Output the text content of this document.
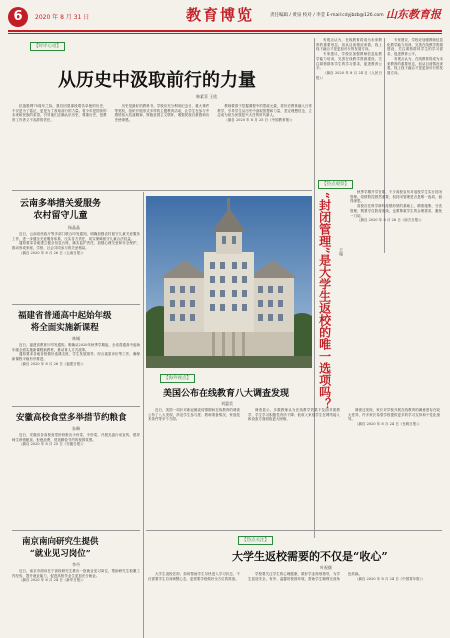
6	2020 年 8 月 31 日	教育博览	责任编辑 / 黄泉 校对 / 李莹 E-mail:cdyjbzb@126.com 山东教育报
【时评心语】
从历史中汲取前行的力量
韩素菲 王欣

抗战胜利75周年之际，我们回望那段艰苦卓绝的历史，不仅是为了铭记，更是为了汲取前行的力量。青少年是国家的未来和民族的希望，引导他们正确认识历史、尊重历史，是教育工作者义不容辞的责任。

历史是最好的教科书。学校应充分利用纪念日、重大事件等契机，组织开展形式多样的主题教育活动，让学生在参与中感悟伟大抗战精神，厚植爱国主义情怀，增强民族自豪感和历史使命感。

教师要善于挖掘课程中的思政元素，将历史教育融入日常教学，引导学生从历史中汲取智慧和力量，坚定理想信念，立志成为担当民族复兴大任的时代新人。

（摘自 2020 年 8 月 25 日《中国教育报》）

有观点认为，在线教育将成为未来教育的重要形态，但从目前情况来看，线上线下融合才是更加可行的发展方向。

专家建议，学校应加强教师信息化教学能力培训，完善在线教学资源建设，关注弱势群体学生的学习需求，促进教育公平。

（摘自 2020 年 8 月 24 日《人民日报》）

专家建议，学校应加强教师信息化教学能力培训，完善在线教学资源建设，关注弱势群体学生的学习需求，促进教育公平。

有观点认为，在线教育将成为未来教育的重要形态，但从目前情况来看，线上线下融合才是更加可行的发展方向。

云南多举措关爱服务
农村留守儿童
杨晶晶

近日，云南省民政厅等多部门联合印发通知，明确加强农村留守儿童关爱服务工作，进一步健全关爱服务体系，压实各方责任，切实保障留守儿童合法权益。

通知要求各地建立健全信息台账，落实监护责任，加强心理关爱和安全保护，推动形成家庭、学校、社会共同参与的关爱格局。

（摘自 2020 年 8 月 26 日《云南日报》）

福建省普通高中起始年级
将全面实施新课程
林城

近日，福建省教育厅印发通知，明确从2020年秋季学期起，全省普通高中起始年级全面实施新课程新教材，推动育人方式改革。

通知要求各地各校做好选课走班、学生发展指导、综合素质评价等工作，确保新课程平稳有序推进。

（摘自 2020 年 8 月 26 日《福建日报》）

安徽高校食堂多举措节约粮食
朱琳

近日，安徽省各高校食堂纷纷推出小份菜、半份菜，开展光盘行动宣传，倡导师生珍惜粮食、拒绝浪费，营造勤俭节约的校园氛围。

（摘自 2020 年 8 月 25 日《安徽日报》）

南京南向研究生提供
“就业见习岗位”
李丹

近日，南京市面向在宁高校研究生推出一批就业见习岗位，帮助研究生积累工作经验，提升就业能力，促进高校毕业生更加充分就业。

（摘自 2020 年 8 月 24 日《新华日报》）

【海外视点】
美国公布在线教育八大调查发现
刘惠美

近日，美国一项针对新冠肺炎疫情期间在线教育的调查公布了八大发现，涉及学生参与度、教师准备情况、家庭技术条件等多个方面。

调查显示，多数教师认为在线教学效果不及面对面教学，学生学习积极性有所下降；低收入家庭学生在网络接入和设备方面面临更大困难。

调查还发现，家长对学校开展在线教育的满意度存在较大差异，许多家长希望学校提供更多的学习支持和个性化指导。

（摘自 2020 年 8 月 24 日《光明日报》）

【热点观察】
“封闭管理”是大学生返校的唯一选项吗？ 王瑞

秋季学期开学在即，不少高校宣布对返校学生实行封闭管理。疫情防控固然重要，但封闭管理是否是唯一选项，值得深思。

高校应在科学研判疫情形势的基础上，精准施策、分类管理，既要守住防疫底线，也要尊重学生的合理需求，避免一刀切。

（摘自 2020 年 8 月 26 日《南方日报》）

【热点关注】
大学生返校需要的不仅是“收心”
叶祝颐

大学生返校在即，如何帮助学生尽快进入学习状态，不仅需要学生自身调整心态，更需要学校做好全方位的准备。

学校要关注学生的心理健康，做好学业规划指导，为学生创造安全、有序、温馨的校园环境，帮助学生顺利完成角色转换。

（摘自 2020 年 8 月 24 日《中国青年报》）
